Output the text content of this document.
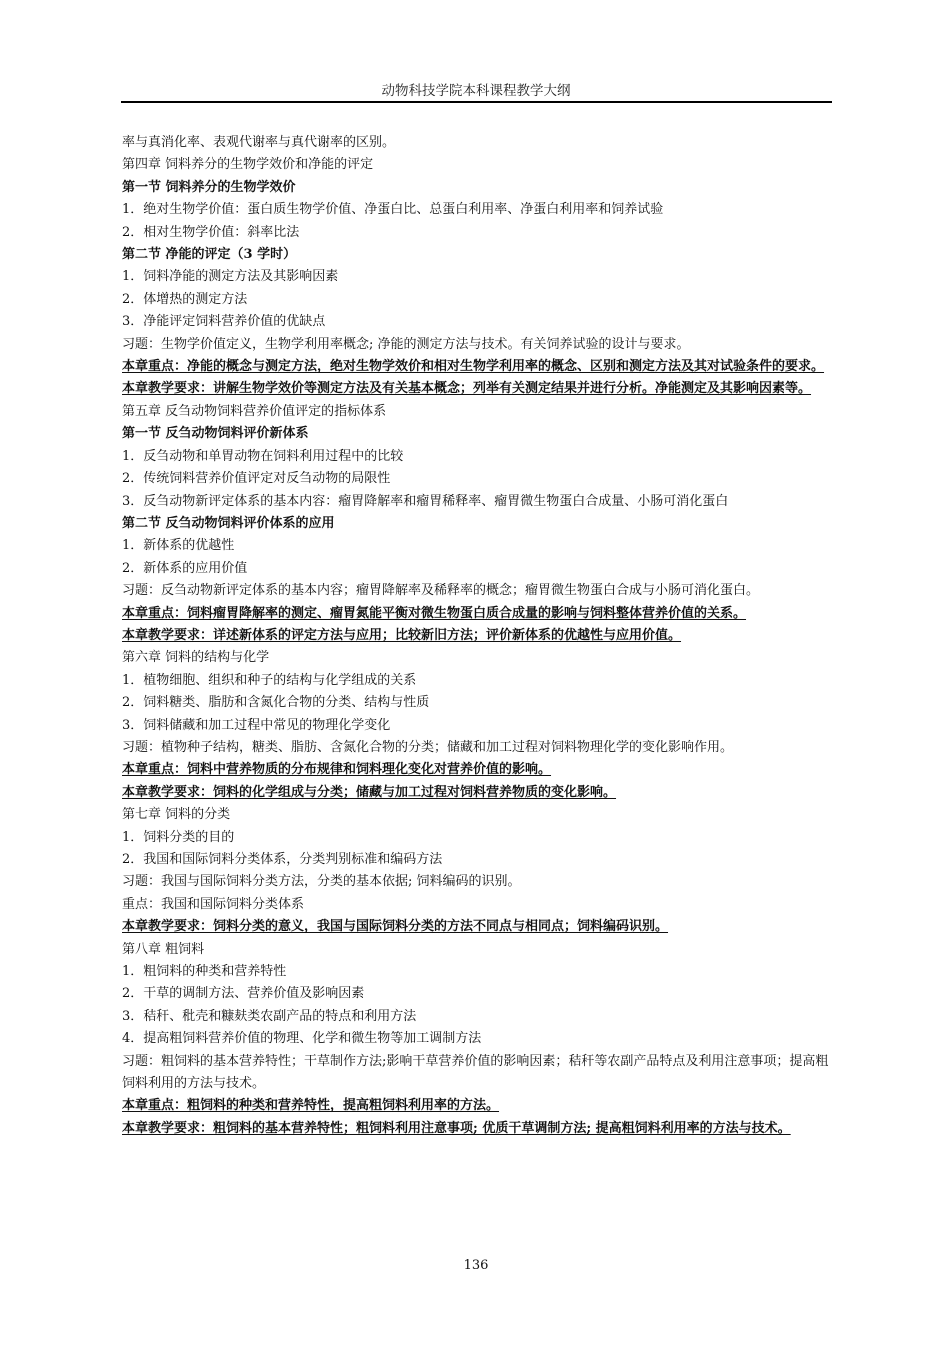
动物科技学院本科课程教学大纲

率与真消化率、表观代谢率与真代谢率的区别。

第四章 饲料养分的生物学效价和净能的评定

第一节 饲料养分的生物学效价

1．绝对生物学价值：蛋白质生物学价值、净蛋白比、总蛋白利用率、净蛋白利用率和饲养试验

2．相对生物学价值：斜率比法

第二节 净能的评定（3 学时）

1．饲料净能的测定方法及其影响因素

2．体增热的测定方法

3．净能评定饲料营养价值的优缺点

习题：生物学价值定义，生物学利用率概念; 净能的测定方法与技术。有关饲养试验的设计与要求。

本章重点：净能的概念与测定方法，绝对生物学效价和相对生物学利用率的概念、区别和测定方法及其对试验条件的要求。

本章教学要求：讲解生物学效价等测定方法及有关基本概念；列举有关测定结果并进行分析。净能测定及其影响因素等。

第五章 反刍动物饲料营养价值评定的指标体系

第一节 反刍动物饲料评价新体系

1．反刍动物和单胃动物在饲料利用过程中的比较

2．传统饲料营养价值评定对反刍动物的局限性

3．反刍动物新评定体系的基本内容：瘤胃降解率和瘤胃稀释率、瘤胃微生物蛋白合成量、小肠可消化蛋白

第二节 反刍动物饲料评价体系的应用

1．新体系的优越性

2．新体系的应用价值

习题：反刍动物新评定体系的基本内容；瘤胃降解率及稀释率的概念；瘤胃微生物蛋白合成与小肠可消化蛋白。

本章重点：饲料瘤胃降解率的测定、瘤胃氮能平衡对微生物蛋白质合成量的影响与饲料整体营养价值的关系。

本章教学要求：详述新体系的评定方法与应用；比较新旧方法；评价新体系的优越性与应用价值。

第六章 饲料的结构与化学

1．植物细胞、组织和种子的结构与化学组成的关系

2．饲料糖类、脂肪和含氮化合物的分类、结构与性质

3．饲料储藏和加工过程中常见的物理化学变化

习题：植物种子结构，糖类、脂肪、含氮化合物的分类；储藏和加工过程对饲料物理化学的变化影响作用。

本章重点：饲料中营养物质的分布规律和饲料理化变化对营养价值的影响。

本章教学要求：饲料的化学组成与分类；储藏与加工过程对饲料营养物质的变化影响。

第七章 饲料的分类

1．饲料分类的目的

2．我国和国际饲料分类体系，分类判别标准和编码方法

习题：我国与国际饲料分类方法，分类的基本依据; 饲料编码的识别。

重点：我国和国际饲料分类体系

本章教学要求：饲料分类的意义，我国与国际饲料分类的方法不同点与相同点；饲料编码识别。

第八章 粗饲料

1．粗饲料的种类和营养特性

2．干草的调制方法、营养价值及影响因素

3．秸秆、秕壳和糠麸类农副产品的特点和利用方法

4．提高粗饲料营养价值的物理、化学和微生物等加工调制方法

习题：粗饲料的基本营养特性；干草制作方法;影响干草营养价值的影响因素；秸秆等农副产品特点及利用注意事项；提高粗饲料利用的方法与技术。

本章重点：粗饲料的种类和营养特性，提高粗饲料利用率的方法。

本章教学要求：粗饲料的基本营养特性；粗饲料利用注意事项; 优质干草调制方法; 提高粗饲料利用率的方法与技术。

136
